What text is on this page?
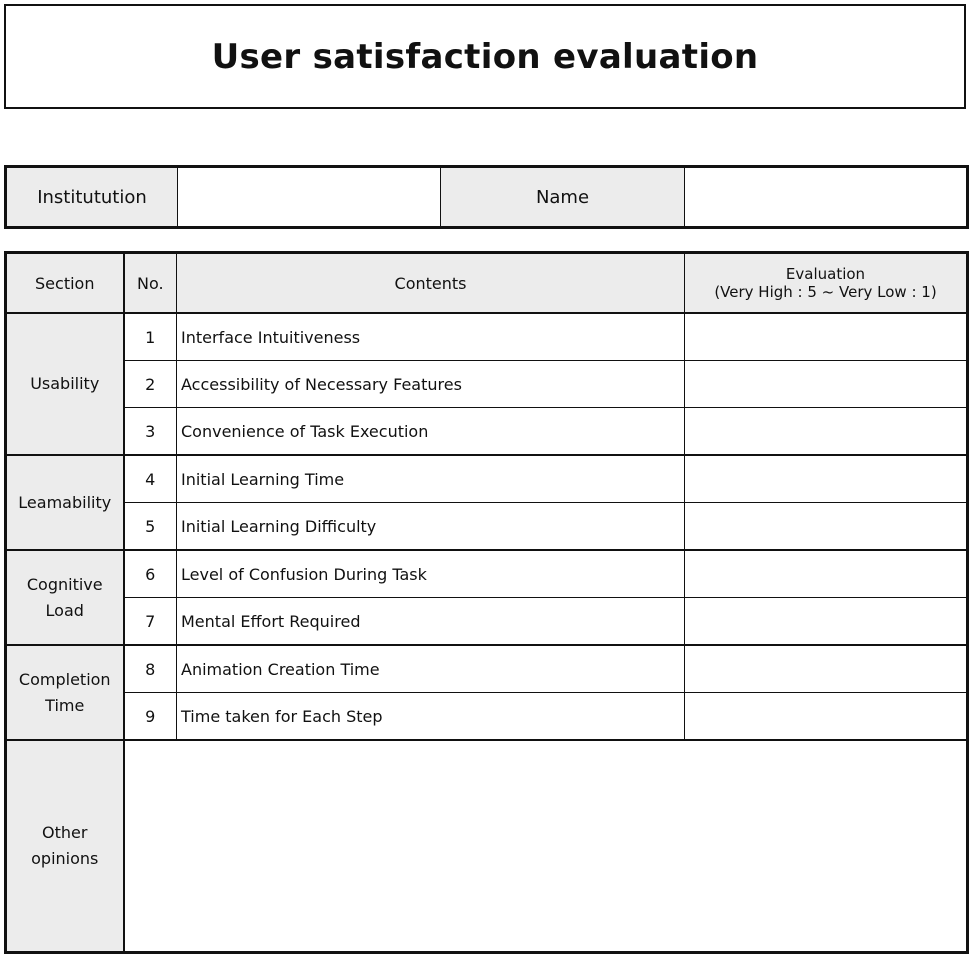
User satisfaction evaluation
Institutution		Name	
Section	No.	Contents	Evaluation
(Very High : 5 ~ Very Low : 1)

Usability	1	Interface Intuitiveness	
	2	Accessibility of Necessary Features	
	3	Convenience of Task Execution	
Leamability	4	Initial Learning Time	
	5	Initial Learning Difficulty	

Cognitive
Load	6	Level of Confusion During Task	
	7	Mental Effort Required	

Completion
Time	8	Animation Creation Time	
	9	Time taken for Each Step	

Other
opinions			
